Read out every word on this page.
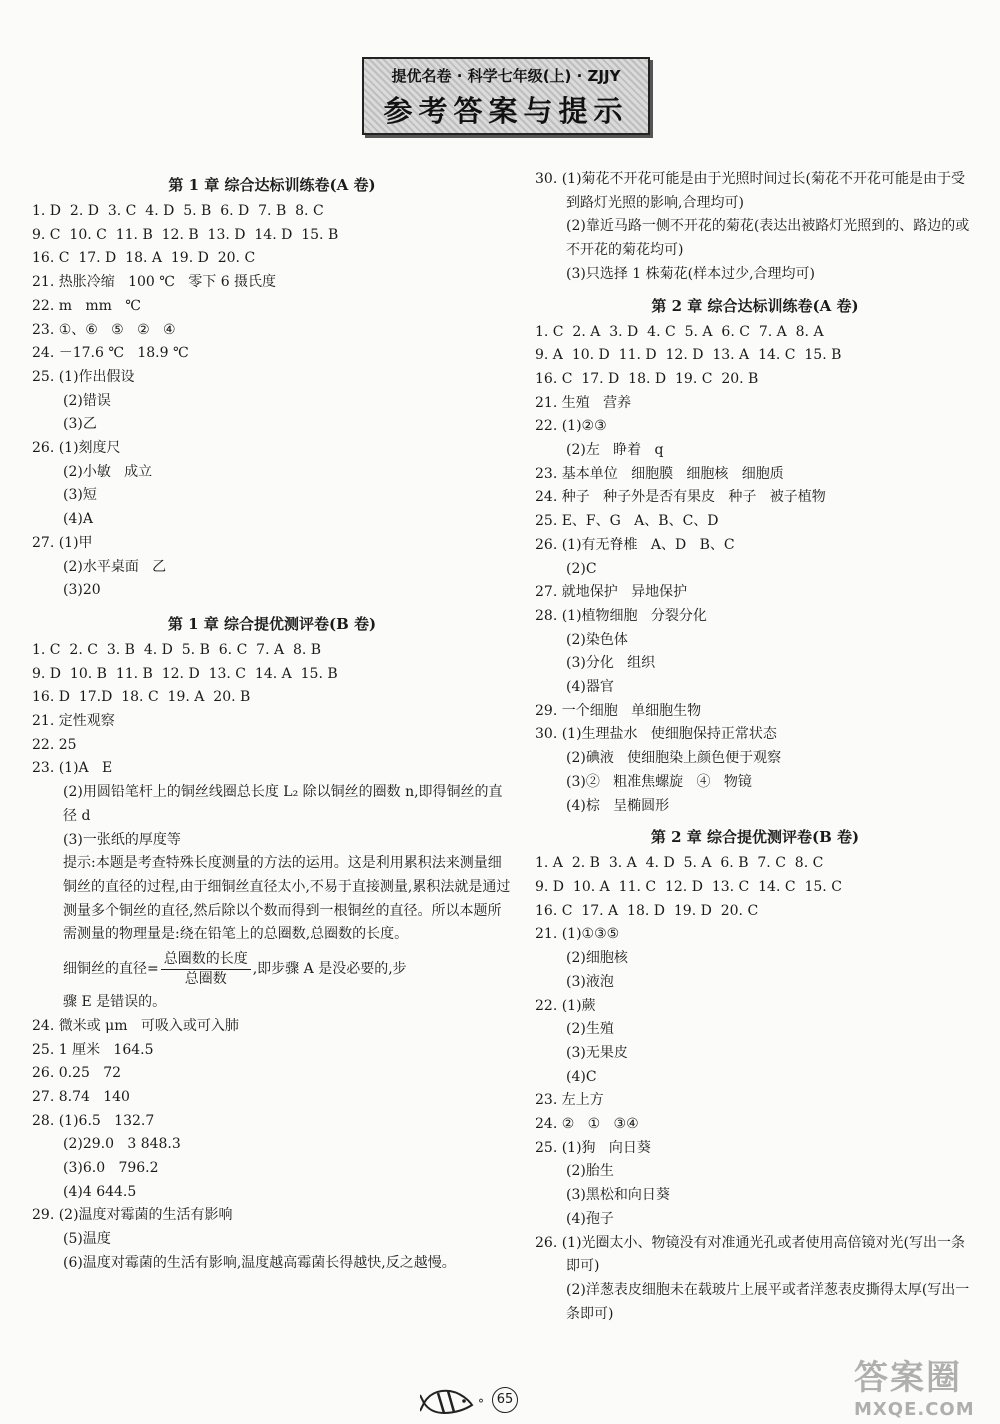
提优名卷 · 科学七年级(上) · ZJJY
参考答案与提示
第 1 章 综合达标训练卷(A 卷)
1. D  2. D  3. C  4. D  5. B  6. D  7. B  8. C
9. C  10. C  11. B  12. B  13. D  14. D  15. B
16. C  17. D  18. A  19. D  20. C
21. 热胀冷缩   100 ℃   零下 6 摄氏度
22. m   mm   ℃
23. ①、⑥   ⑤   ②   ④
24. －17.6 ℃   18.9 ℃
25. (1)作出假设
(2)错误
(3)乙
26. (1)刻度尺
(2)小敏   成立
(3)短
(4)A
27. (1)甲
(2)水平桌面   乙
(3)20
第 1 章 综合提优测评卷(B 卷)
1. C  2. C  3. B  4. D  5. B  6. C  7. A  8. B
9. D  10. B  11. B  12. D  13. C  14. A  15. B
16. D  17.D  18. C  19. A  20. B
21. 定性观察
22. 25
23. (1)A   E
(2)用圆铅笔杆上的铜丝线圈总长度 L₂ 除以铜丝的圈数 n,即得铜丝的直径 d
(3)一张纸的厚度等
提示:本题是考查特殊长度测量的方法的运用。这是利用累积法来测量细铜丝的直径的过程,由于细铜丝直径太小,不易于直接测量,累积法就是通过测量多个铜丝的直径,然后除以个数而得到一根铜丝的直径。所以本题所需测量的物理量是:绕在铅笔上的总圈数,总圈数的长度。
细铜丝的直径= $\frac{\text{总圈数的长度}}{\text{总圈数}}$ ,即步骤 A 是没必要的,步
骤 E 是错误的。
24. 微米或 μm   可吸入或可入肺
25. 1 厘米   164.5
26. 0.25   72
27. 8.74   140
28. (1)6.5   132.7
(2)29.0   3 848.3
(3)6.0   796.2
(4)4 644.5
29. (2)温度对霉菌的生活有影响
(5)温度
(6)温度对霉菌的生活有影响,温度越高霉菌长得越快,反之越慢。
30. (1)菊花不开花可能是由于光照时间过长(菊花不开花可能是由于受到路灯光照的影响,合理均可)
(2)靠近马路一侧不开花的菊花(表达出被路灯光照到的、路边的或不开花的菊花均可)
(3)只选择 1 株菊花(样本过少,合理均可)
第 2 章 综合达标训练卷(A 卷)
1. C  2. A  3. D  4. C  5. A  6. C  7. A  8. A
9. A  10. D  11. D  12. D  13. A  14. C  15. B
16. C  17. D  18. D  19. C  20. B
21. 生殖   营养
22. (1)②③
(2)左   睁着   q
23. 基本单位   细胞膜   细胞核   细胞质
24. 种子   种子外是否有果皮   种子   被子植物
25. E、F、G   A、B、C、D
26. (1)有无脊椎   A、D   B、C
(2)C
27. 就地保护   异地保护
28. (1)植物细胞   分裂分化
(2)染色体
(3)分化   组织
(4)器官
29. 一个细胞   单细胞生物
30. (1)生理盐水   使细胞保持正常状态
(2)碘液   使细胞染上颜色便于观察
(3)②   粗准焦螺旋   ④   物镜
(4)棕   呈椭圆形
第 2 章 综合提优测评卷(B 卷)
1. A  2. B  3. A  4. D  5. A  6. B  7. C  8. C
9. D  10. A  11. C  12. D  13. C  14. C  15. C
16. C  17. A  18. D  19. D  20. C
21. (1)①③⑤
(2)细胞核
(3)液泡
22. (1)蕨
(2)生殖
(3)无果皮
(4)C
23. 左上方
24. ②   ①   ③④
25. (1)狗   向日葵
(2)胎生
(3)黑松和向日葵
(4)孢子
26. (1)光圈太小、物镜没有对准通光孔或者使用高倍镜对光(写出一条即可)
(2)洋葱表皮细胞未在载玻片上展平或者洋葱表皮撕得太厚(写出一条即可)
° 65
答案圈
MXQE.COM
